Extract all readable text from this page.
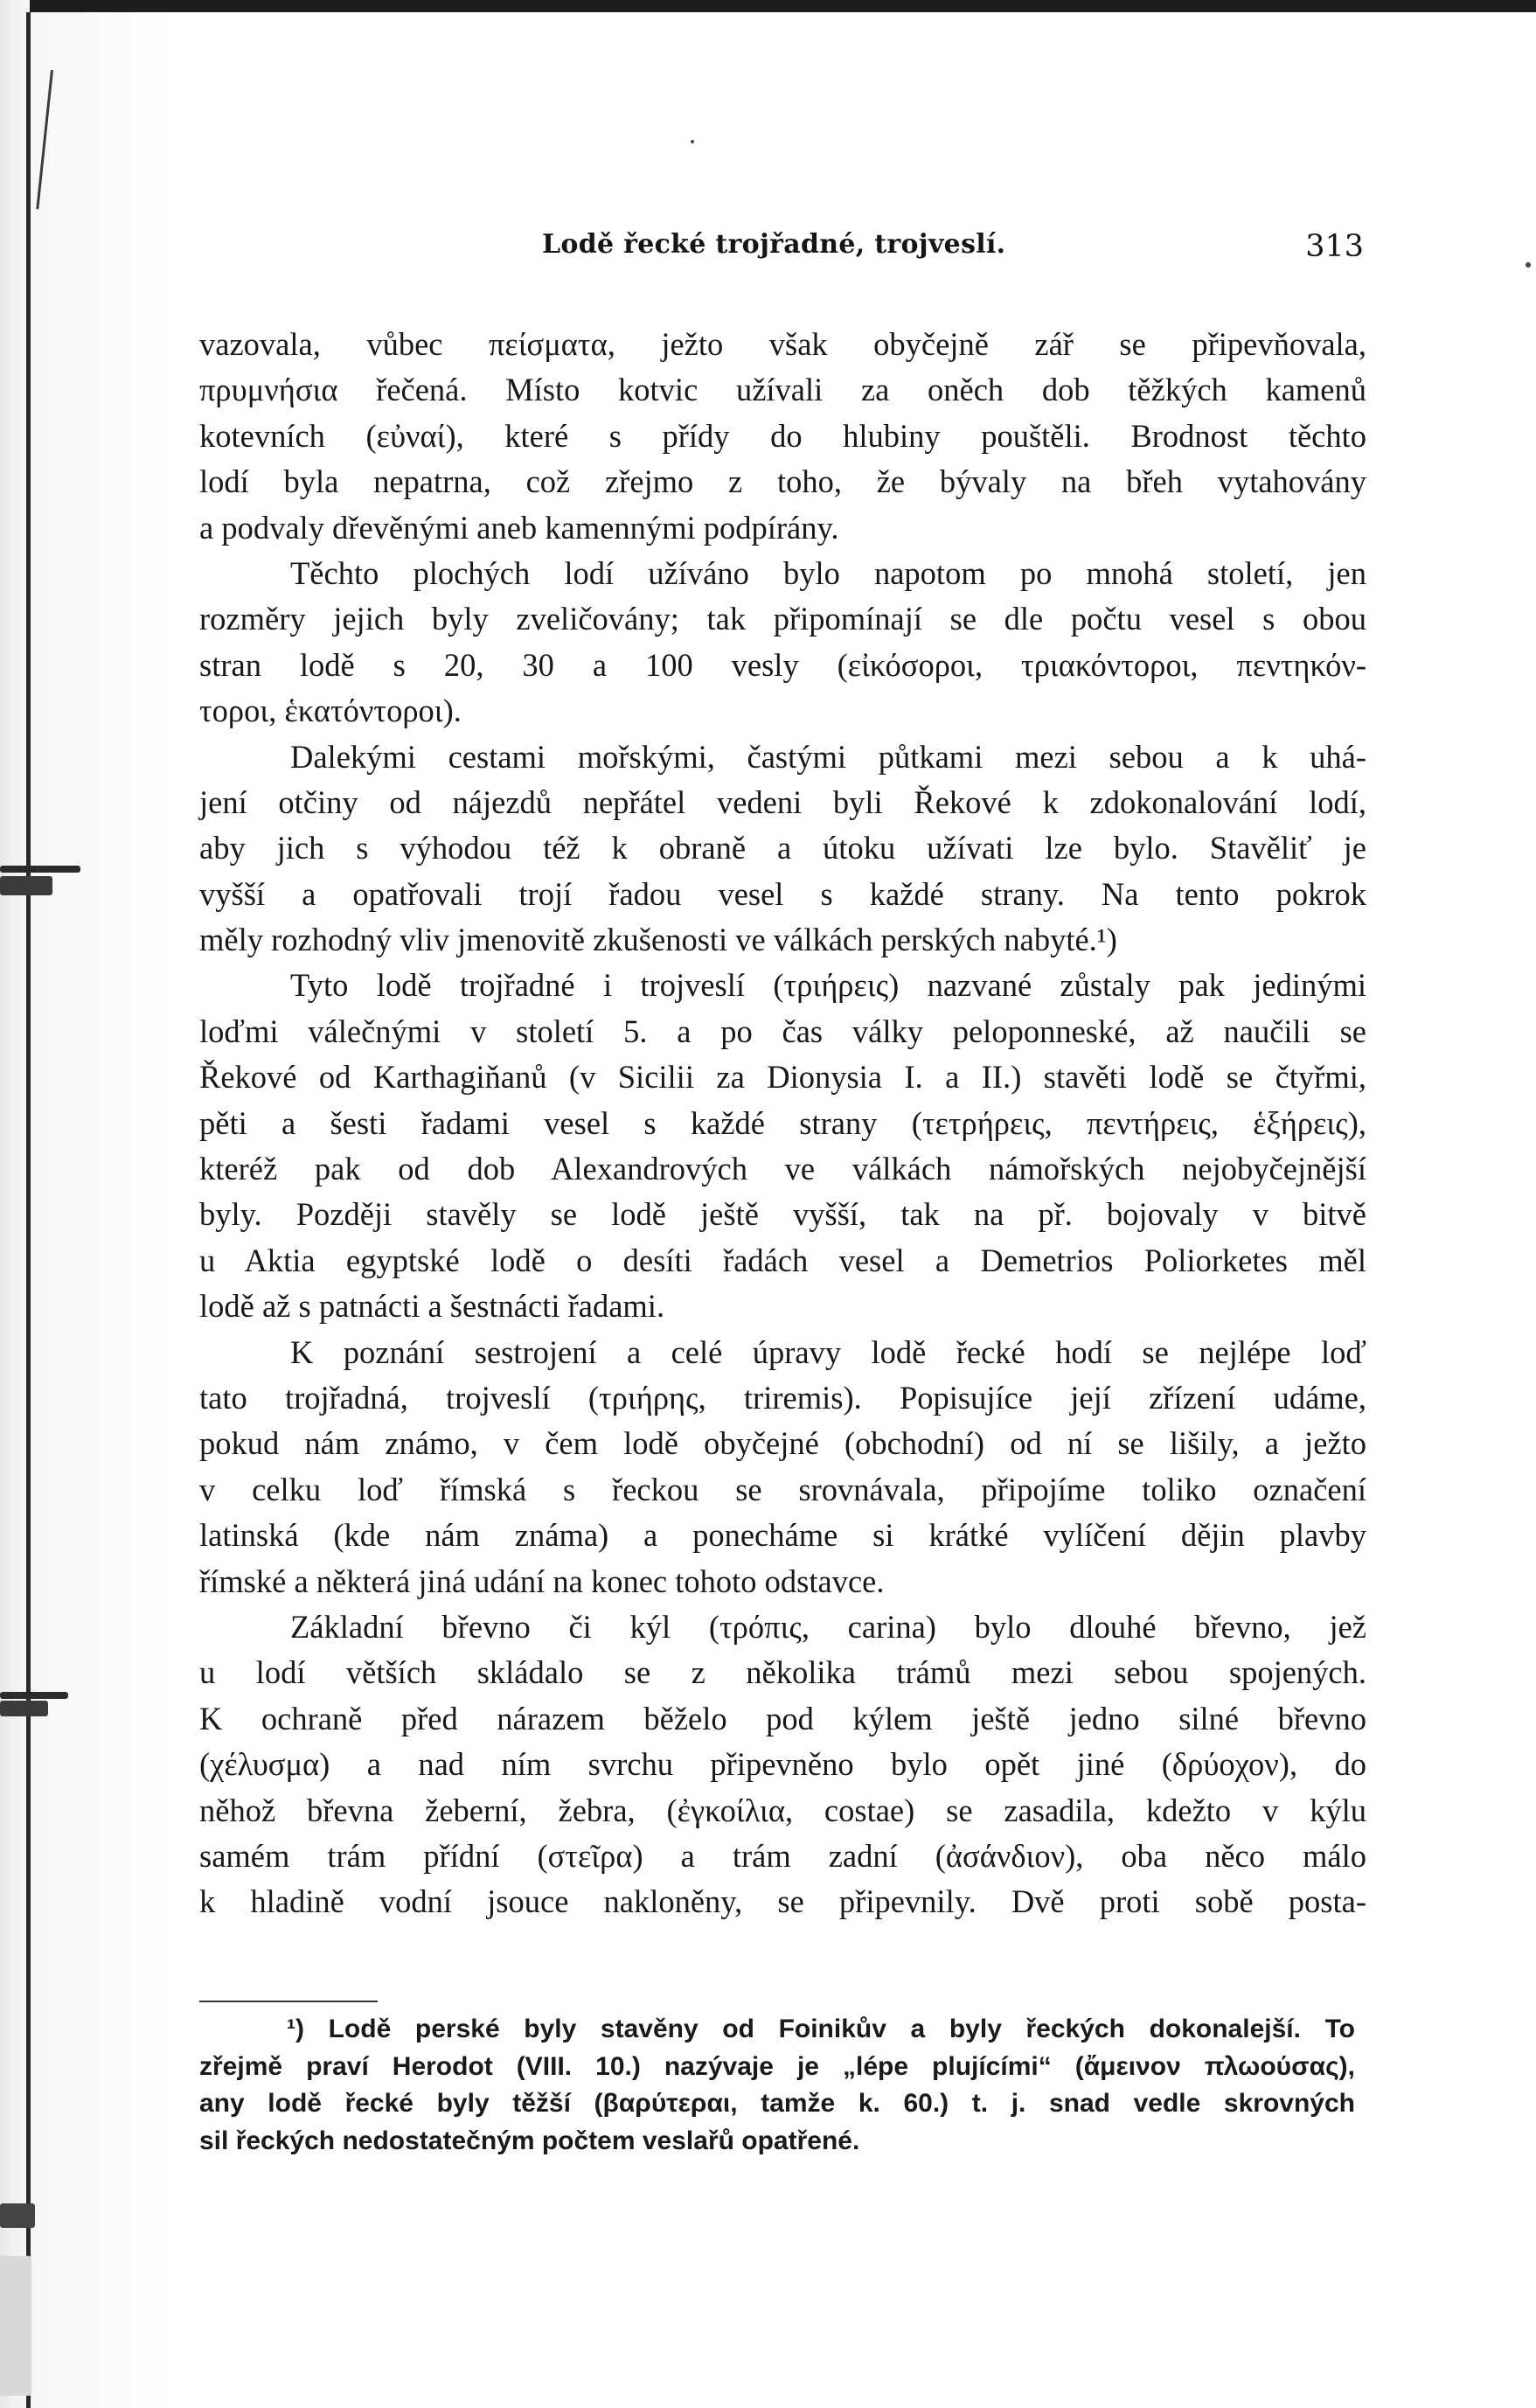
Lodě řecké trojřadné, trojveslí.	313
vazovala, vůbec πείσματα, ježto však obyčejně zář se připevňovala,
πρυμνήσια řečená. Místo kotvic užívali za oněch dob těžkých kamenů
kotevních (εὐναί), které s přídy do hlubiny pouštěli. Brodnost těchto
lodí byla nepatrna, což zřejmo z toho, že bývaly na břeh vytahovány
a podvaly dřevěnými aneb kamennými podpírány.
Těchto plochých lodí užíváno bylo napotom po mnohá století, jen
rozměry jejich byly zveličovány; tak připomínají se dle počtu vesel s obou
stran lodě s 20, 30 a 100 vesly (εἰκόσοροι, τριακόντοροι, πεντηκόν-
τοροι, ἑκατόντοροι).
Dalekými cestami mořskými, častými půtkami mezi sebou a k uhá-
jení otčiny od nájezdů nepřátel vedeni byli Řekové k zdokonalování lodí,
aby jich s výhodou též k obraně a útoku užívati lze bylo. Stavěliť je
vyšší a opatřovali trojí řadou vesel s každé strany. Na tento pokrok
měly rozhodný vliv jmenovitě zkušenosti ve válkách perských nabyté.¹)
Tyto lodě trojřadné i trojveslí (τριήρεις) nazvané zůstaly pak jedinými
loďmi válečnými v století 5. a po čas války peloponneské, až naučili se
Řekové od Karthagiňanů (v Sicilii za Dionysia I. a II.) stavěti lodě se čtyřmi,
pěti a šesti řadami vesel s každé strany (τετρήρεις, πεντήρεις, ἑξήρεις),
kteréž pak od dob Alexandrových ve válkách námořských nejobyčejnější
byly. Později stavěly se lodě ještě vyšší, tak na př. bojovaly v bitvě
u Aktia egyptské lodě o desíti řadách vesel a Demetrios Poliorketes měl
lodě až s patnácti a šestnácti řadami.
K poznání sestrojení a celé úpravy lodě řecké hodí se nejlépe loď
tato trojřadná, trojveslí (τριήρης, triremis). Popisujíce její zřízení udáme,
pokud nám známo, v čem lodě obyčejné (obchodní) od ní se lišily, a ježto
v celku loď římská s řeckou se srovnávala, připojíme toliko označení
latinská (kde nám známa) a ponecháme si krátké vylíčení dějin plavby
římské a některá jiná udání na konec tohoto odstavce.
Základní břevno či kýl (τρόπις, carina) bylo dlouhé břevno, jež
u lodí větších skládalo se z několika trámů mezi sebou spojených.
K ochraně před nárazem běželo pod kýlem ještě jedno silné břevno
(χέλυσμα) a nad ním svrchu připevněno bylo opět jiné (δρύοχον), do
něhož břevna žeberní, žebra, (ἐγκοίλια, costae) se zasadila, kdežto v kýlu
samém trám přídní (στεῖρα) a trám zadní (ἀσάνδιον), oba něco málo
k hladině vodní jsouce nakloněny, se připevnily. Dvě proti sobě posta-
¹) Lodě perské byly stavěny od Foinikův a byly řeckých dokonalejší. To
zřejmě praví Herodot (VIII. 10.) nazývaje je „lépe plujícími“ (ἄμεινον πλωούσας),
any lodě řecké byly těžší (βαρύτεραι, tamže k. 60.) t. j. snad vedle skrovných
sil řeckých nedostatečným počtem veslařů opatřené.
